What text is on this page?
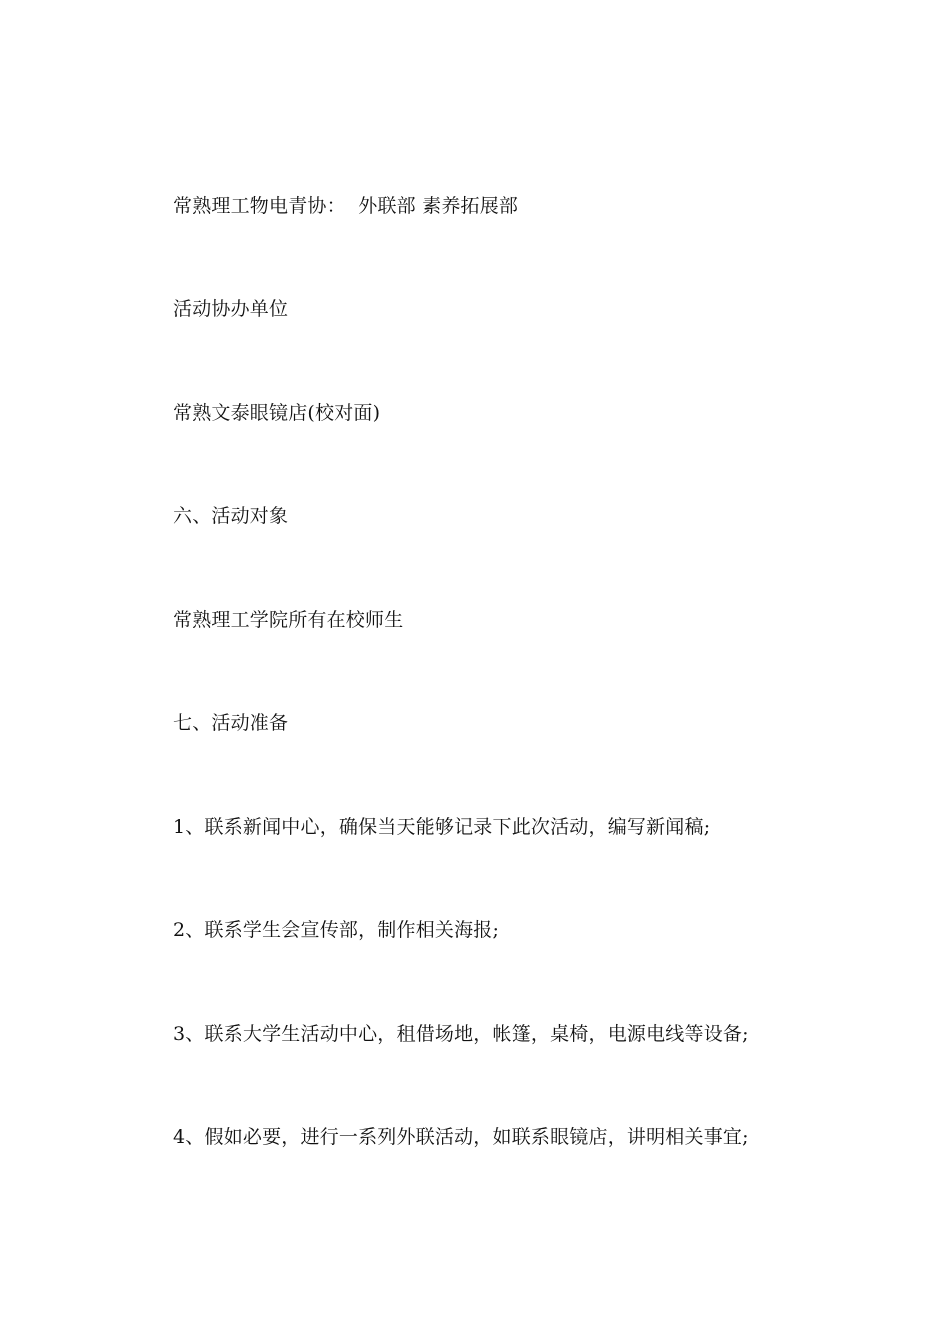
常熟理工物电青协：  外联部 素养拓展部
活动协办单位
常熟文泰眼镜店(校对面)
六、活动对象
常熟理工学院所有在校师生
七、活动准备
1、联系新闻中心，确保当天能够记录下此次活动，编写新闻稿;
2、联系学生会宣传部，制作相关海报;
3、联系大学生活动中心，租借场地，帐篷，桌椅，电源电线等设备;
4、假如必要，进行一系列外联活动，如联系眼镜店，讲明相关事宜;
